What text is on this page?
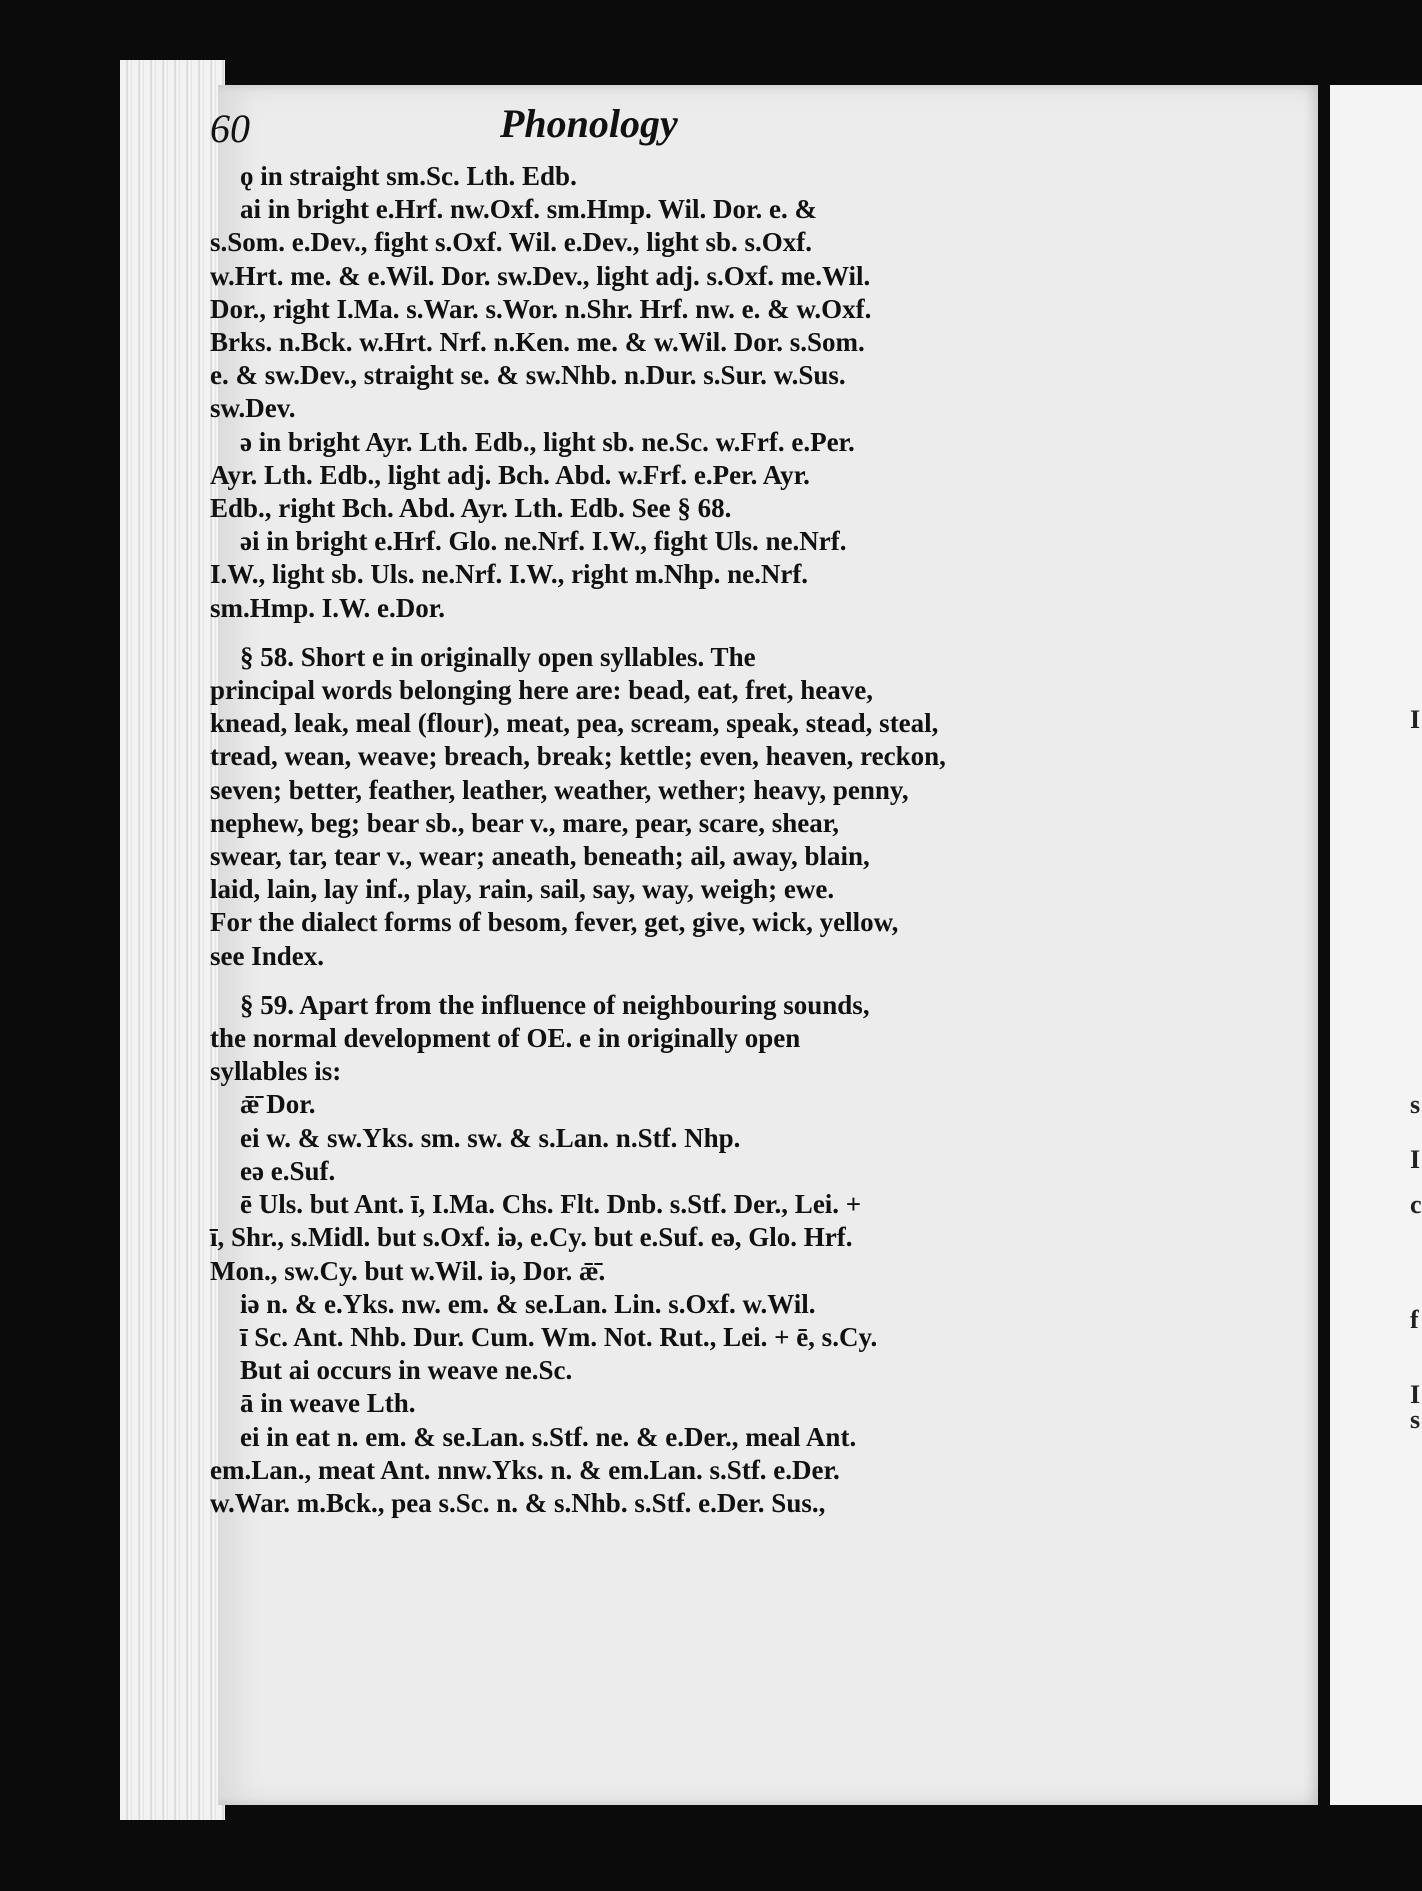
I
s
I
c
f
I
s
60	Phonology
ǫ in straight sm.Sc. Lth. Edb.
ai in bright e.Hrf. nw.Oxf. sm.Hmp. Wil. Dor. e. &
s.Som. e.Dev., fight s.Oxf. Wil. e.Dev., light sb. s.Oxf.
w.Hrt. me. & e.Wil. Dor. sw.Dev., light adj. s.Oxf. me.Wil.
Dor., right I.Ma. s.War. s.Wor. n.Shr. Hrf. nw. e. & w.Oxf.
Brks. n.Bck. w.Hrt. Nrf. n.Ken. me. & w.Wil. Dor. s.Som.
e. & sw.Dev., straight se. & sw.Nhb. n.Dur. s.Sur. w.Sus.
sw.Dev.
ə in bright Ayr. Lth. Edb., light sb. ne.Sc. w.Frf. e.Per.
Ayr. Lth. Edb., light adj. Bch. Abd. w.Frf. e.Per. Ayr.
Edb., right Bch. Abd. Ayr. Lth. Edb. See § 68.
əi in bright e.Hrf. Glo. ne.Nrf. I.W., fight Uls. ne.Nrf.
I.W., light sb. Uls. ne.Nrf. I.W., right m.Nhp. ne.Nrf.
sm.Hmp. I.W. e.Dor.
§ 58. Short e in originally open syllables. The
principal words belonging here are: bead, eat, fret, heave,
knead, leak, meal (flour), meat, pea, scream, speak, stead, steal,
tread, wean, weave; breach, break; kettle; even, heaven, reckon,
seven; better, feather, leather, weather, wether; heavy, penny,
nephew, beg; bear sb., bear v., mare, pear, scare, shear,
swear, tar, tear v., wear; aneath, beneath; ail, away, blain,
laid, lain, lay inf., play, rain, sail, say, way, weigh; ewe.
For the dialect forms of besom, fever, get, give, wick, yellow,
see Index.
§ 59. Apart from the influence of neighbouring sounds,
the normal development of OE. e in originally open
syllables is:
ǣ̄ Dor.
ei w. & sw.Yks. sm. sw. & s.Lan. n.Stf. Nhp.
eə e.Suf.
ē Uls. but Ant. ī, I.Ma. Chs. Flt. Dnb. s.Stf. Der., Lei. +
ī, Shr., s.Midl. but s.Oxf. iə, e.Cy. but e.Suf. eə, Glo. Hrf.
Mon., sw.Cy. but w.Wil. iə, Dor. ǣ̄.
iə n. & e.Yks. nw. em. & se.Lan. Lin. s.Oxf. w.Wil.
ī Sc. Ant. Nhb. Dur. Cum. Wm. Not. Rut., Lei. + ē, s.Cy.
But ai occurs in weave ne.Sc.
ā in weave Lth.
ei in eat n. em. & se.Lan. s.Stf. ne. & e.Der., meal Ant.
em.Lan., meat Ant. nnw.Yks. n. & em.Lan. s.Stf. e.Der.
w.War. m.Bck., pea s.Sc. n. & s.Nhb. s.Stf. e.Der. Sus.,
